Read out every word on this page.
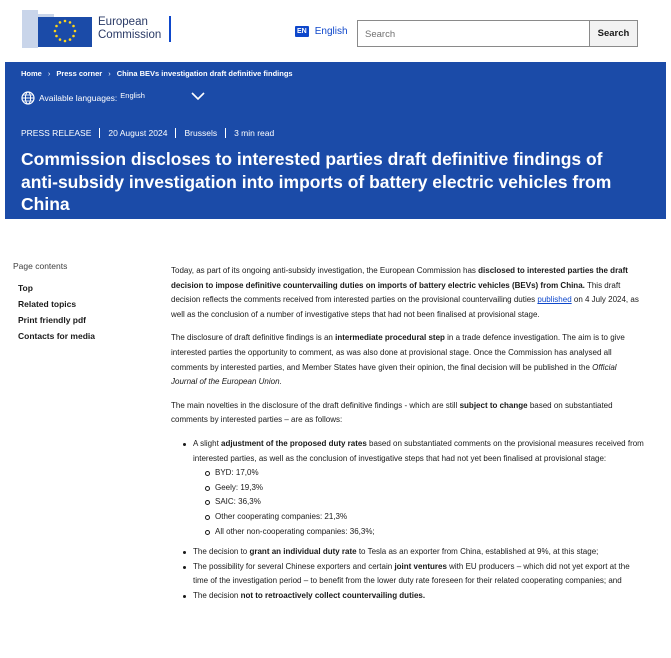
European
Commission	EN English	Search	Search
Home › Press corner › China BEVs investigation draft definitive findings
Available languages: English
PRESS RELEASE 20 August 2024 Brussels 3 min read
Commission discloses to interested parties draft definitive findings of anti-subsidy investigation into imports of battery electric vehicles from China
Page contents
Top
Related topics
Print friendly pdf
Contacts for media

Today, as part of its ongoing anti-subsidy investigation, the European Commission has disclosed to interested parties the draft decision to impose definitive countervailing duties on imports of battery electric vehicles (BEVs) from China. This draft decision reflects the comments received from interested parties on the provisional countervailing duties published on 4 July 2024, as well as the conclusion of a number of investigative steps that had not been finalised at provisional stage.

The disclosure of draft definitive findings is an intermediate procedural step in a trade defence investigation. The aim is to give interested parties the opportunity to comment, as was also done at provisional stage. Once the Commission has analysed all comments by interested parties, and Member States have given their opinion, the final decision will be published in the Official Journal of the European Union.

The main novelties in the disclosure of the draft definitive findings - which are still subject to change based on substantiated comments by interested parties – are as follows:

A slight adjustment of the proposed duty rates based on substantiated comments on the provisional measures received from interested parties, as well as the conclusion of investigative steps that had not yet been finalised at provisional stage:
BYD: 17,0%
Geely: 19,3%
SAIC: 36,3%
Other cooperating companies: 21,3%
All other non-cooperating companies: 36,3%;
The decision to grant an individual duty rate to Tesla as an exporter from China, established at 9%, at this stage;
The possibility for several Chinese exporters and certain joint ventures with EU producers – which did not yet export at the time of the investigation period – to benefit from the lower duty rate foreseen for their related cooperating companies; and
The decision not to retroactively collect countervailing duties.
